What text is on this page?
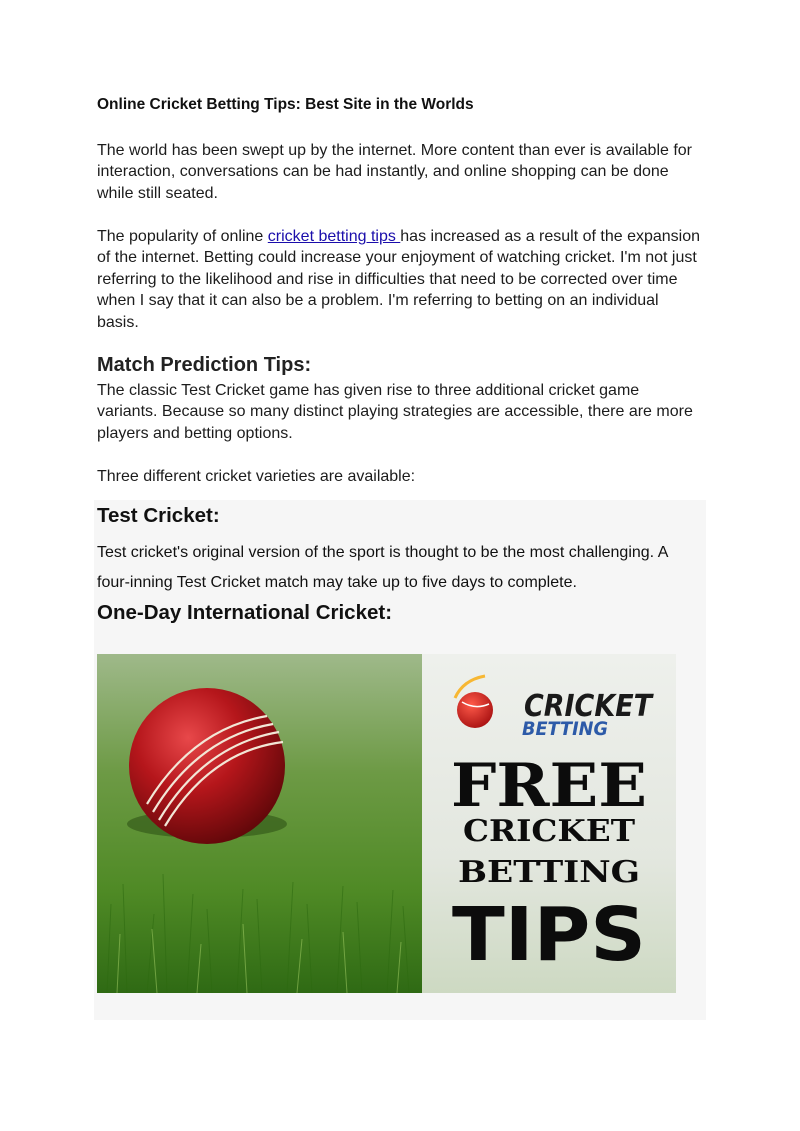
Online Cricket Betting Tips: Best Site in the Worlds

The world has been swept up by the internet. More content than ever is available for interaction, conversations can be had instantly, and online shopping can be done while still seated.

The popularity of online cricket betting tips has increased as a result of the expansion of the internet. Betting could increase your enjoyment of watching cricket. I'm not just referring to the likelihood and rise in difficulties that need to be corrected over time when I say that it can also be a problem. I'm referring to betting on an individual basis.

Match Prediction Tips:

The classic Test Cricket game has given rise to three additional cricket game variants. Because so many distinct playing strategies are accessible, there are more players and betting options.

Three different cricket varieties are available:

Test Cricket:

Test cricket's original version of the sport is thought to be the most challenging. A four-inning Test Cricket match may take up to five days to complete.

One-Day International Cricket:
CRICKET
BETTING
FREE
CRICKET
BETTING
TIPS
